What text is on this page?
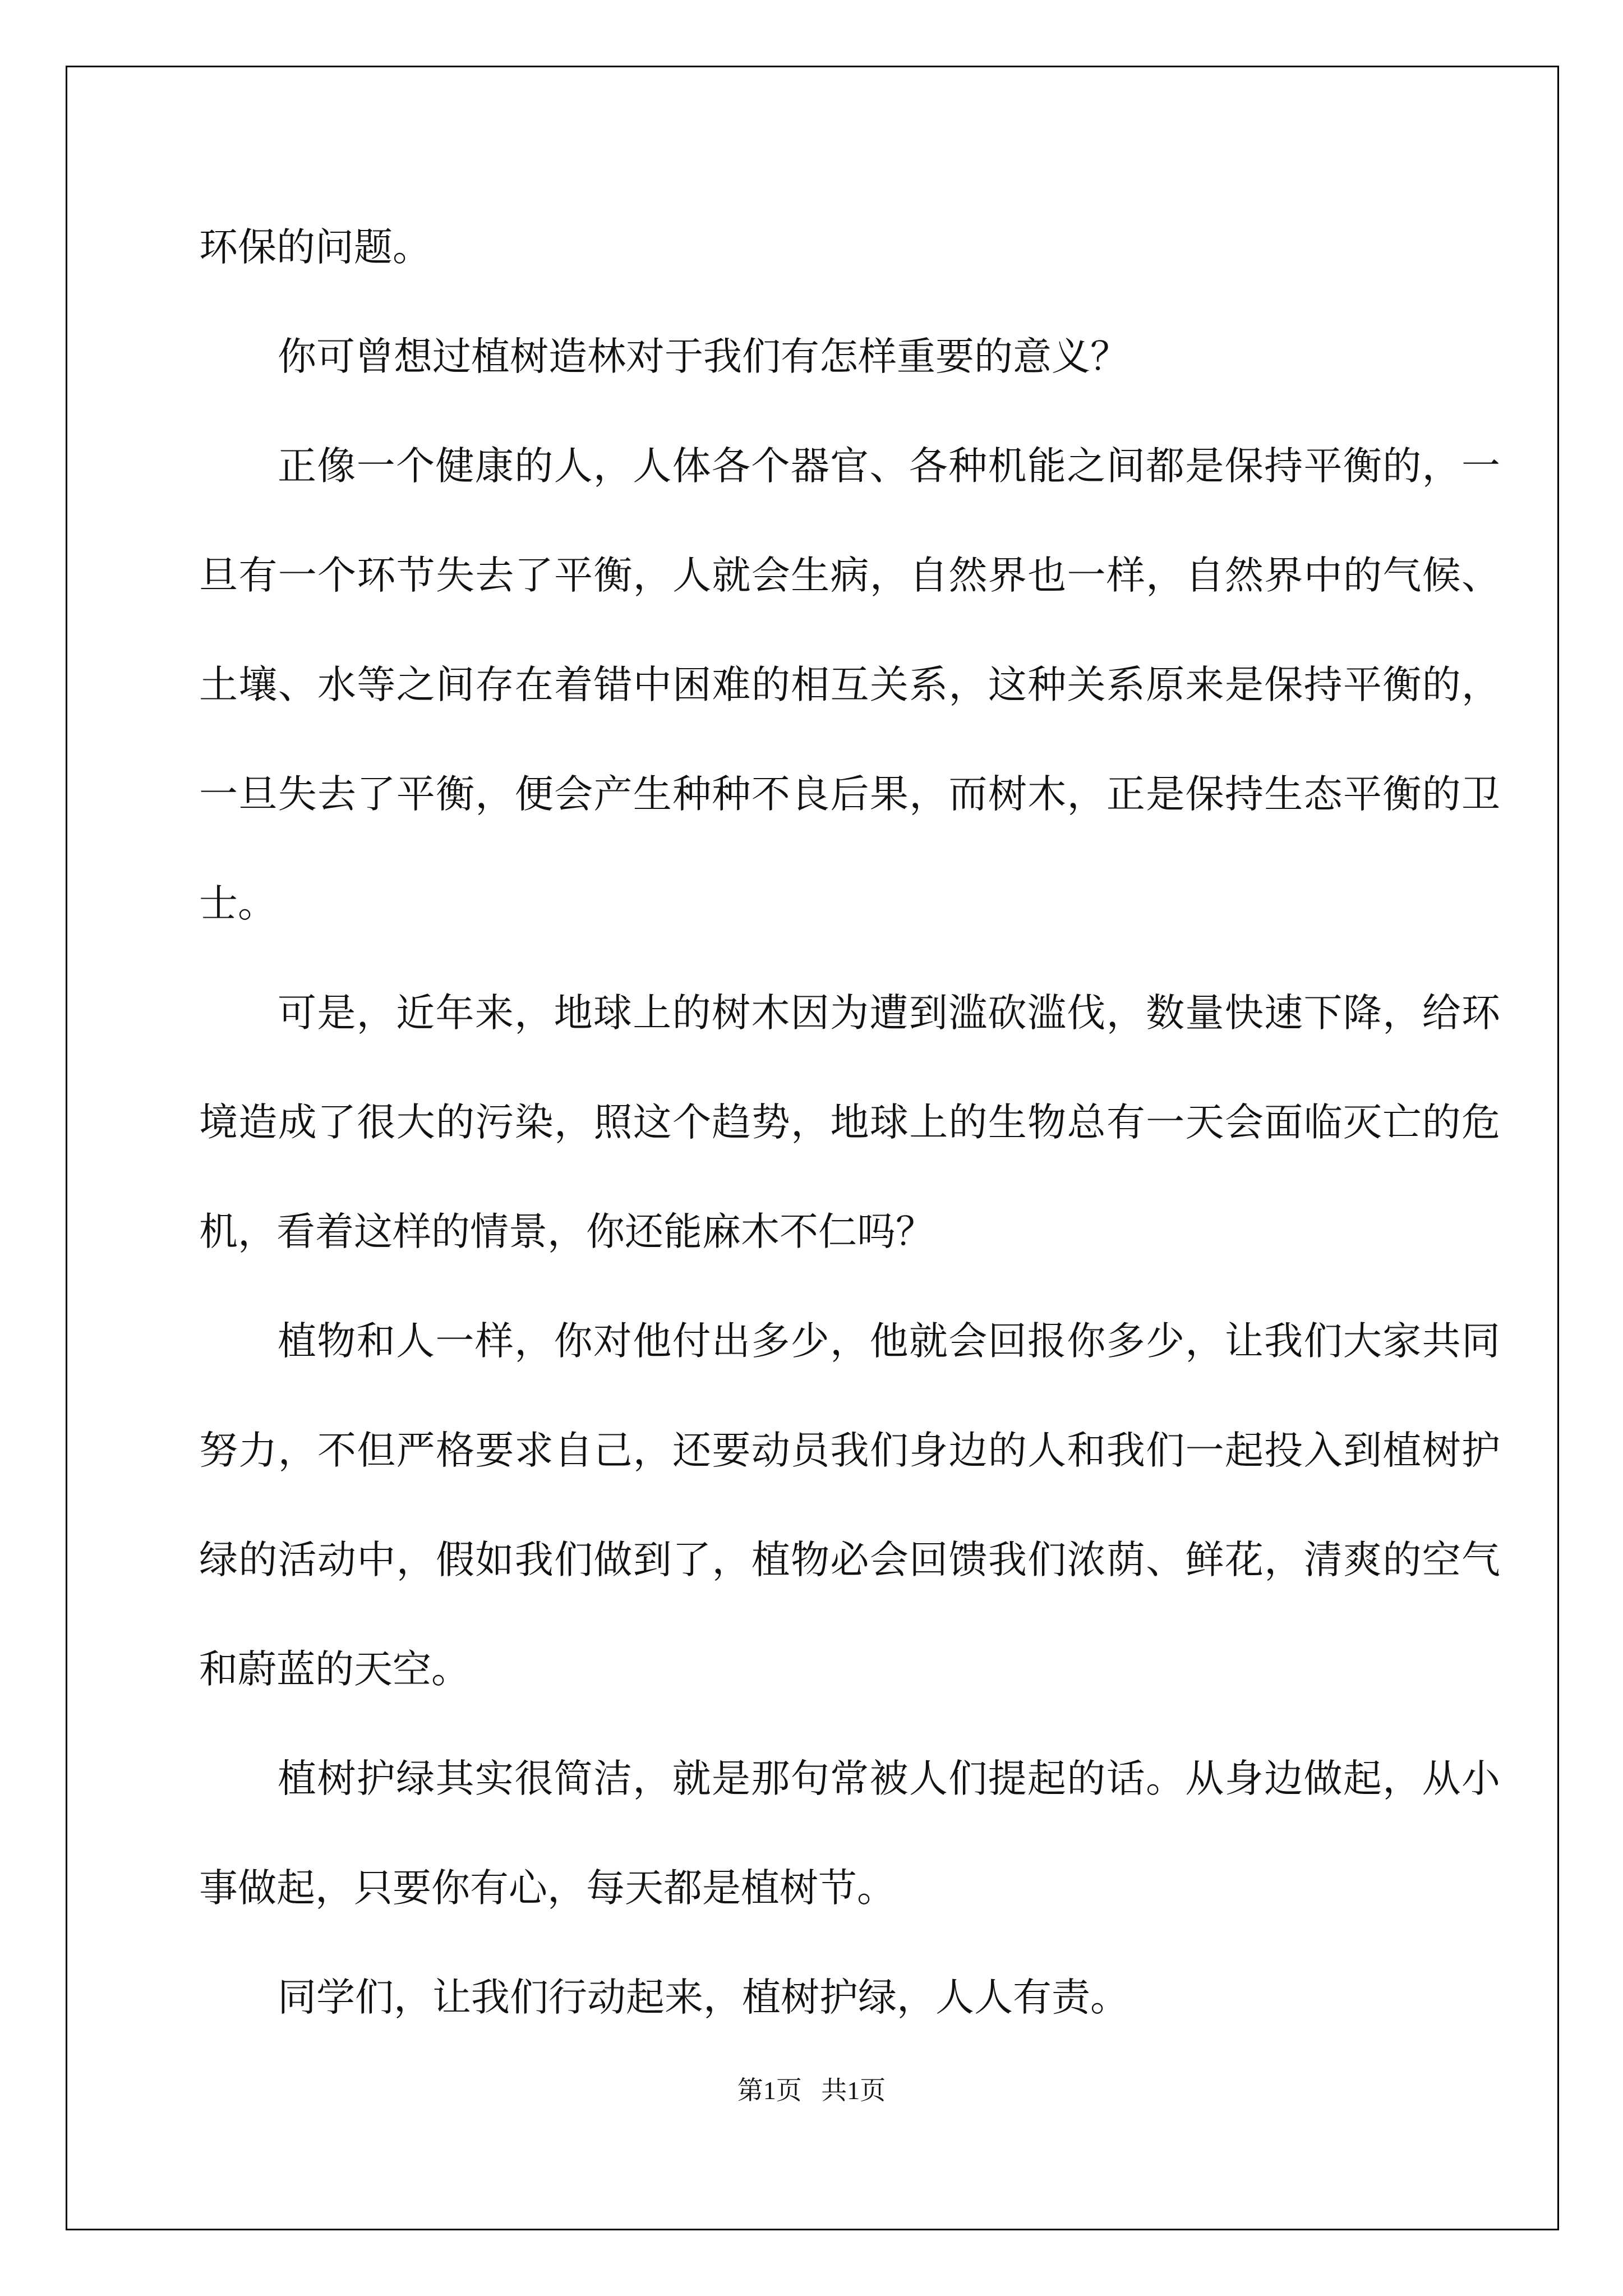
环保的问题。

你可曾想过植树造林对于我们有怎样重要的意义？

正像一个健康的人，人体各个器官、各种机能之间都是保持平衡的，一旦有一个环节失去了平衡，人就会生病，自然界也一样，自然界中的气候、土壤、水等之间存在着错中困难的相互关系，这种关系原来是保持平衡的，一旦失去了平衡，便会产生种种不良后果，而树木，正是保持生态平衡的卫士。

可是，近年来，地球上的树木因为遭到滥砍滥伐，数量快速下降，给环境造成了很大的污染，照这个趋势，地球上的生物总有一天会面临灭亡的危机，看着这样的情景，你还能麻木不仁吗？

植物和人一样，你对他付出多少，他就会回报你多少，让我们大家共同努力，不但严格要求自己，还要动员我们身边的人和我们一起投入到植树护绿的活动中，假如我们做到了，植物必会回馈我们浓荫、鲜花，清爽的空气和蔚蓝的天空。

植树护绿其实很简洁，就是那句常被人们提起的话。从身边做起，从小事做起，只要你有心，每天都是植树节。

同学们，让我们行动起来，植树护绿，人人有责。

第1页 共1页
